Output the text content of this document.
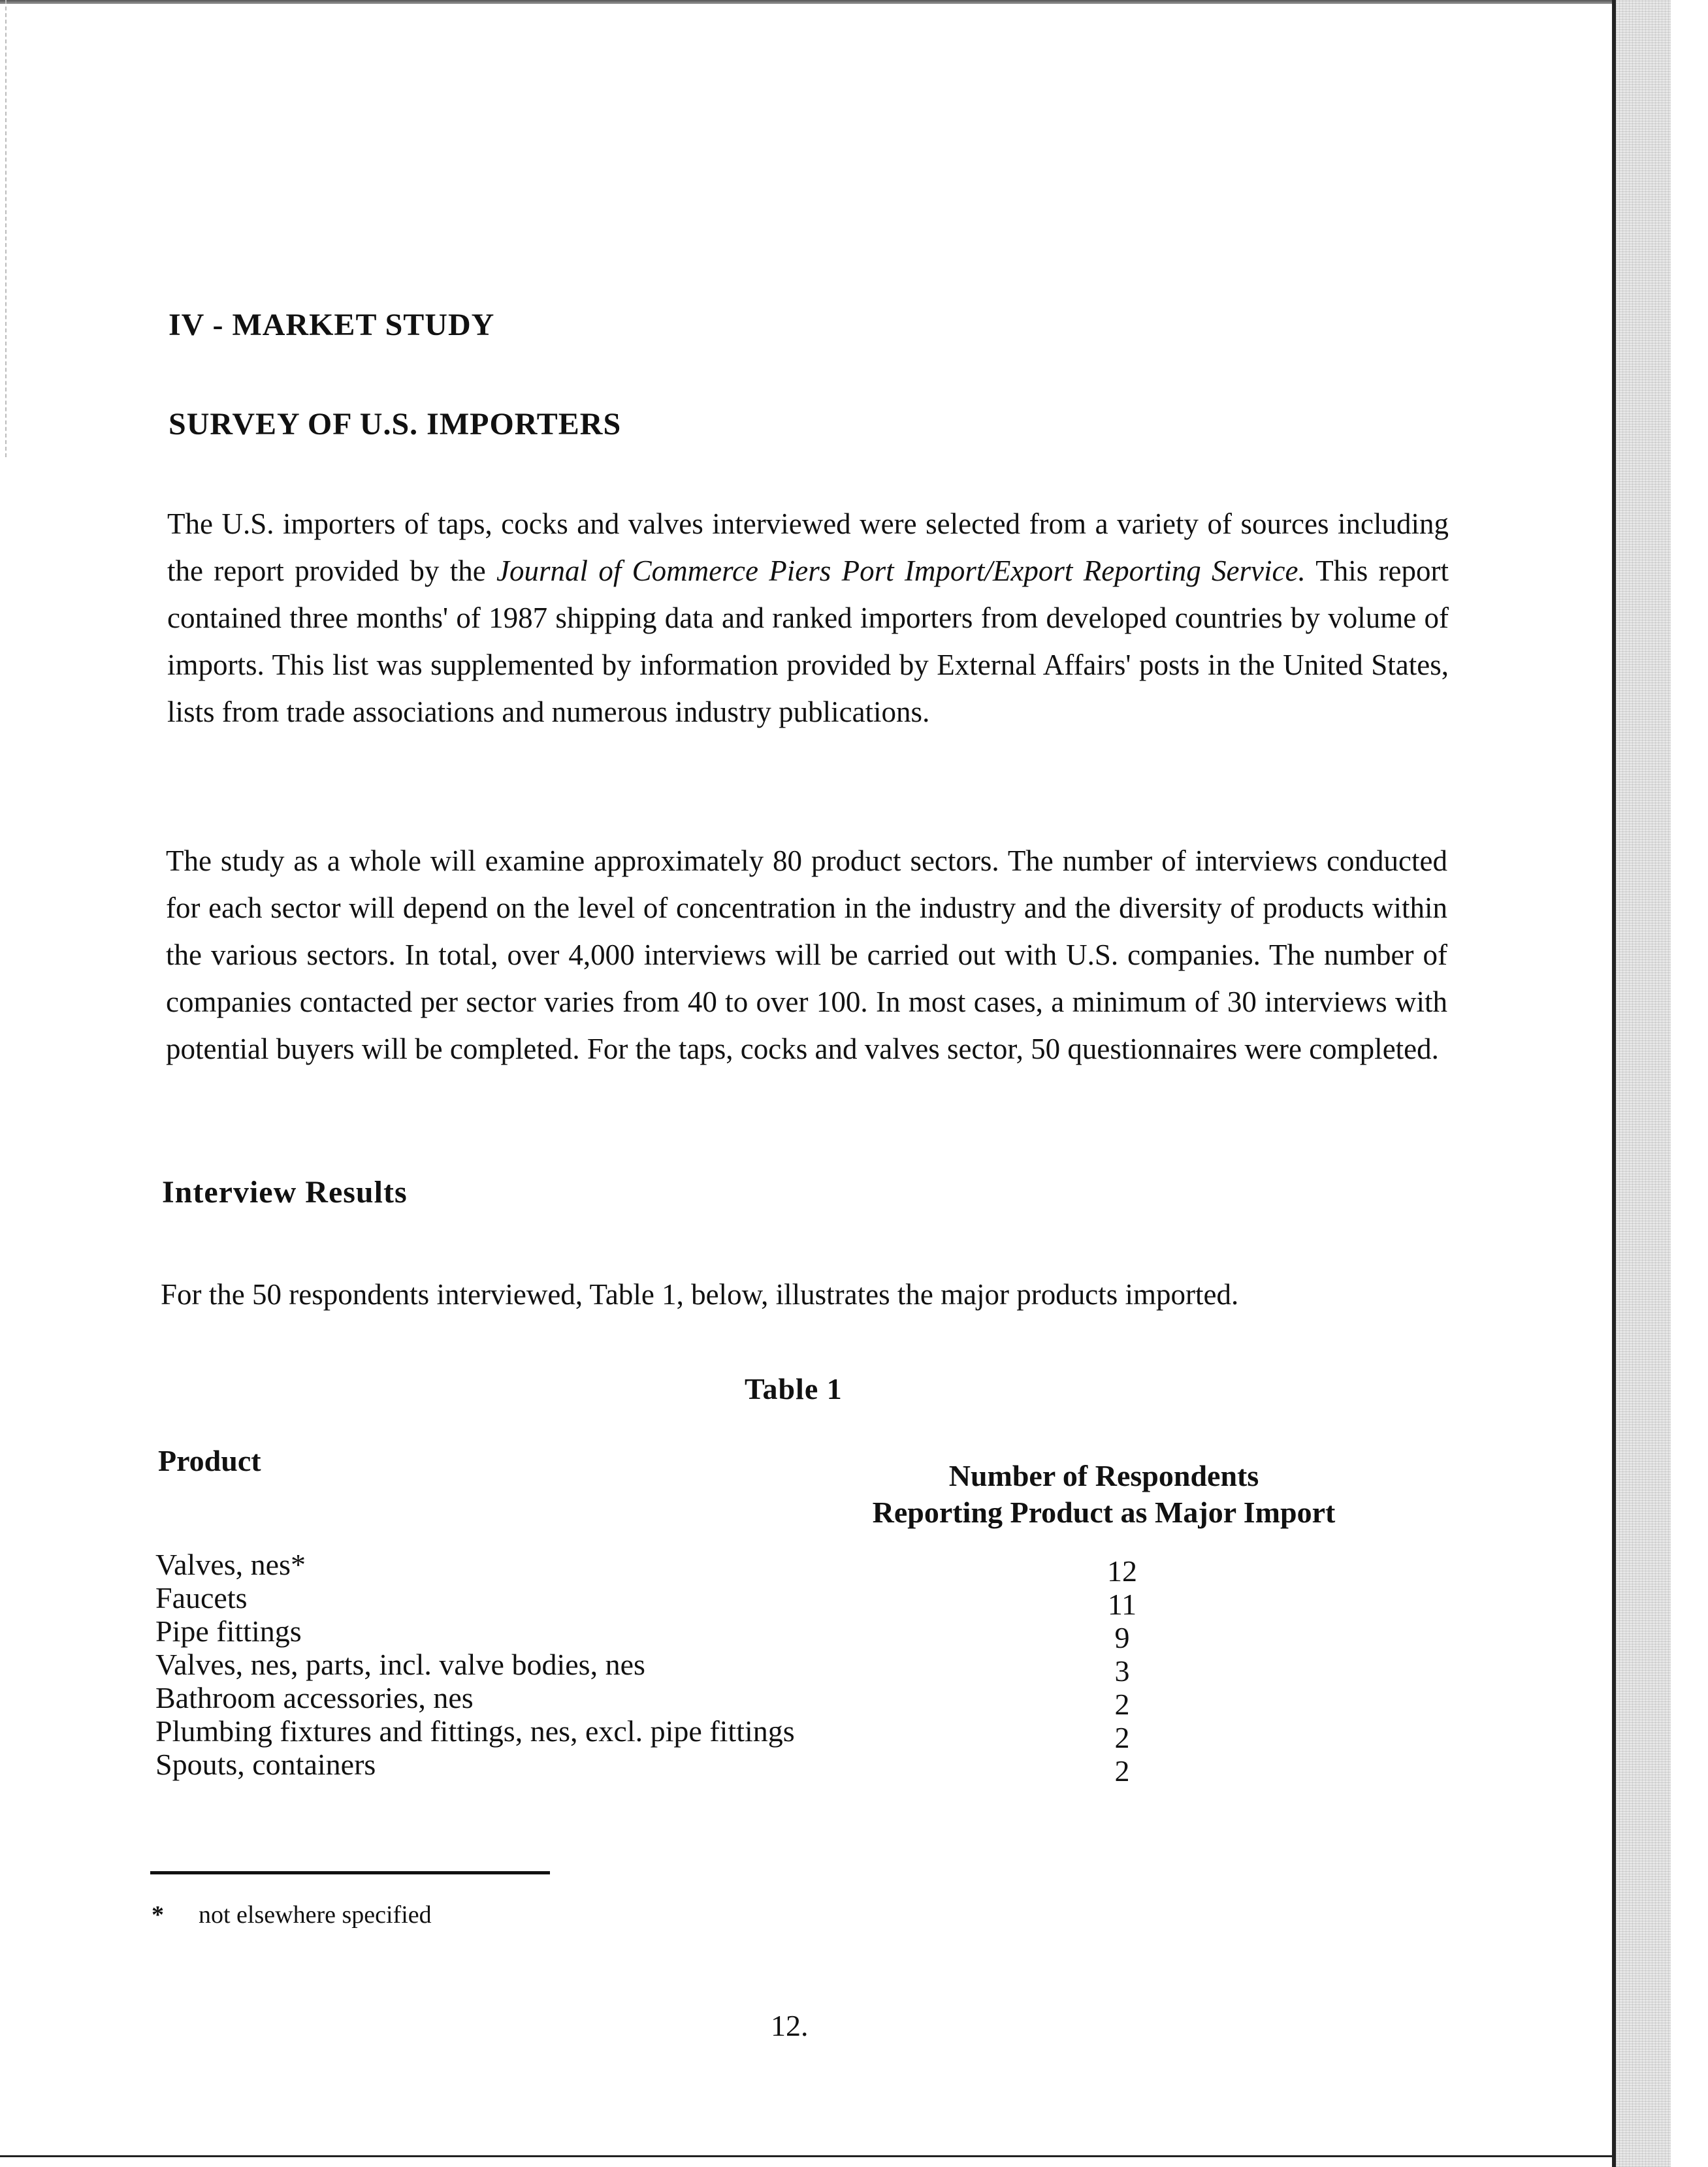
IV - MARKET STUDY
SURVEY OF U.S. IMPORTERS

The U.S. importers of taps, cocks and valves interviewed were selected from a variety of sources including the report provided by the Journal of Commerce Piers Port Import/Export Reporting Service. This report contained three months' of 1987 shipping data and ranked importers from developed countries by volume of imports. This list was supplemented by information provided by External Affairs' posts in the United States, lists from trade associations and numerous industry publications.

The study as a whole will examine approximately 80 product sectors. The number of interviews conducted for each sector will depend on the level of concentration in the industry and the diversity of products within the various sectors. In total, over 4,000 interviews will be carried out with U.S. companies. The number of companies contacted per sector varies from 40 to over 100. In most cases, a minimum of 30 interviews with potential buyers will be completed. For the taps, cocks and valves sector, 50 questionnaires were completed.

Interview Results

For the 50 respondents interviewed, Table 1, below, illustrates the major products imported.

Table 1
Product	Number of Respondents
Reporting Product as Major Import
Valves, nes*	12
Faucets	11
Pipe fittings	9
Valves, nes, parts, incl. valve bodies, nes	3
Bathroom accessories, nes	2
Plumbing fixtures and fittings, nes, excl. pipe fittings	2
Spouts, containers	2
* not elsewhere specified
12.
